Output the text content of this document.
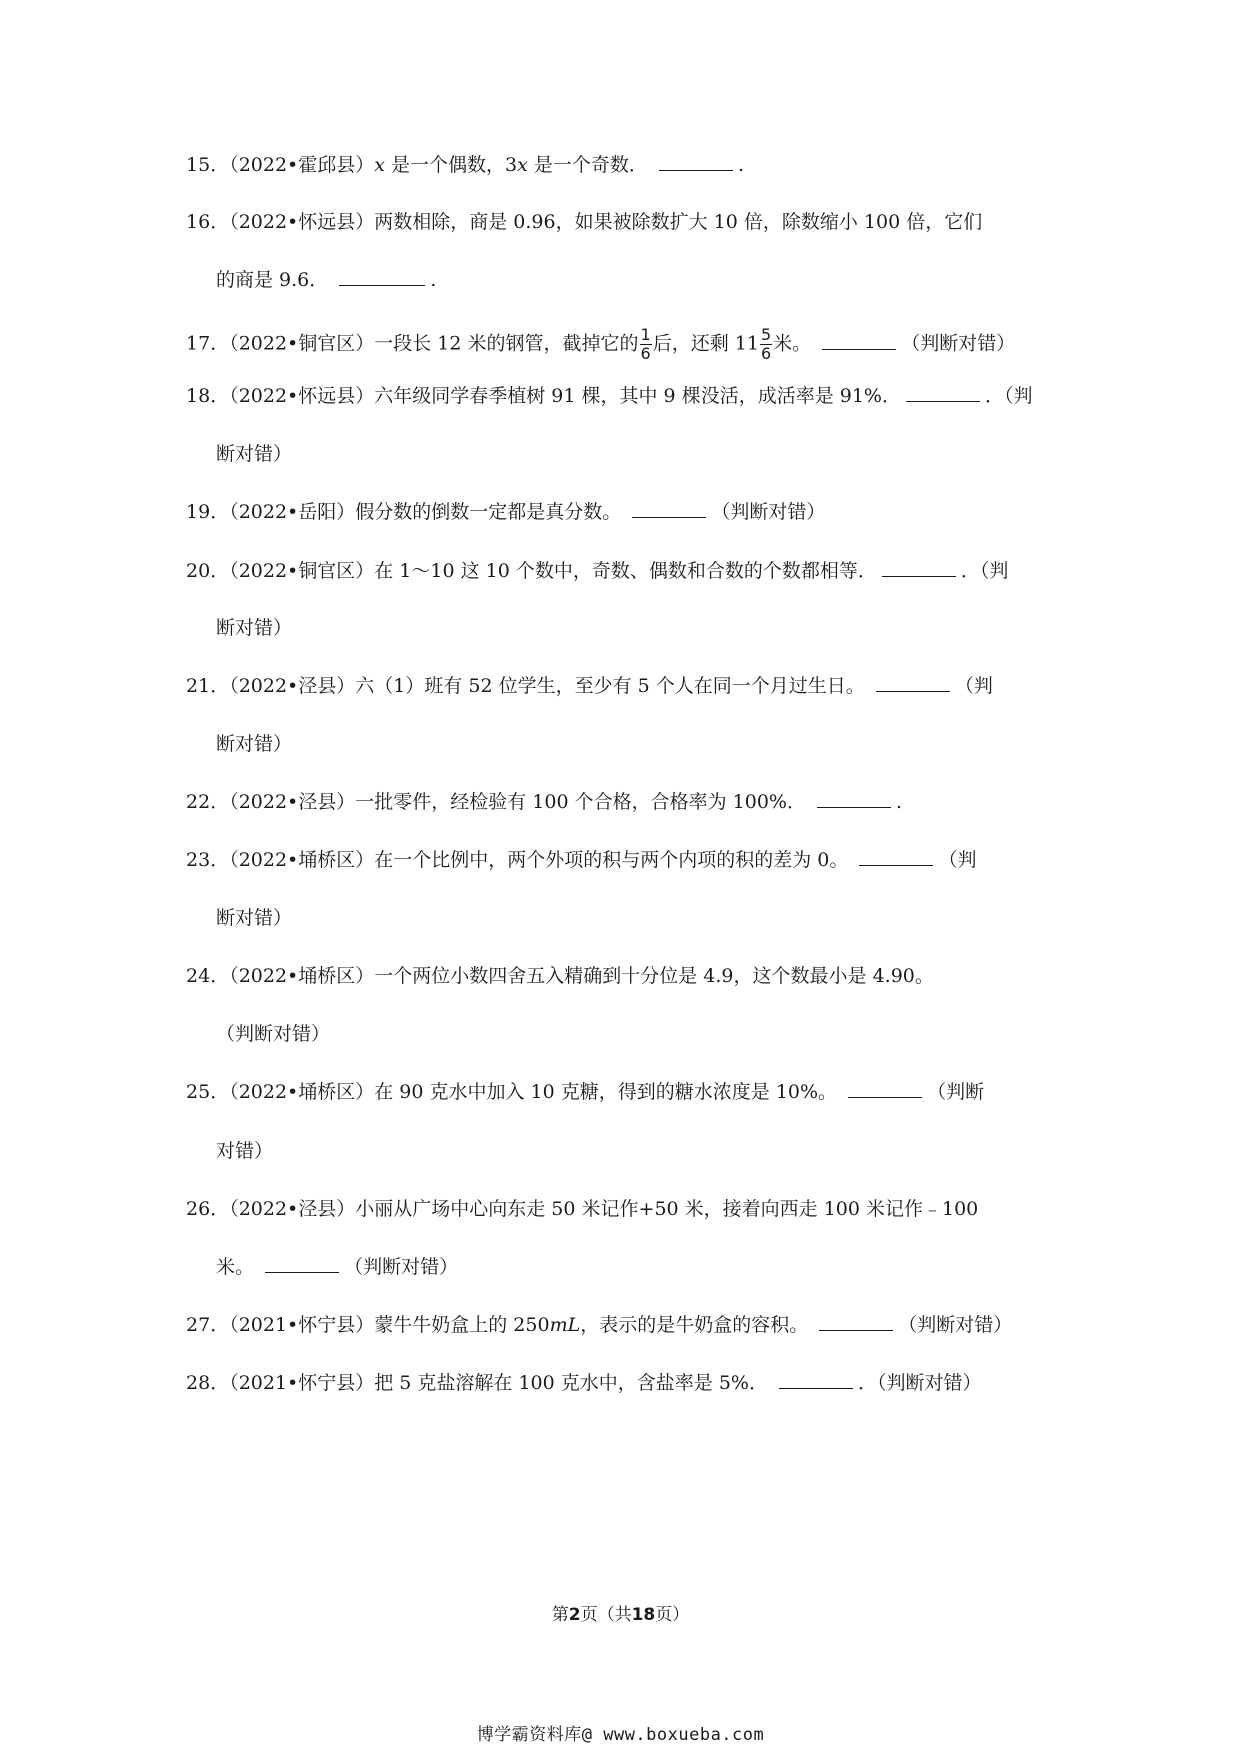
15．（2022•霍邱县）x 是一个偶数，3x 是一个奇数．	.
16．（2022•怀远县）两数相除，商是 0.96，如果被除数扩大 10 倍，除数缩小 100 倍，它们
的商是 9.6．	.
17．（2022•铜官区）一段长 12 米的钢管，截掉它的 $\frac{1}{6}$ 后，还剩 $11 \frac{5}{6}$ 米。	（判断对错）
18．（2022•怀远县）六年级同学春季植树 91 棵，其中 9 棵没活，成活率是 91%．	．（判
断对错）
19．（2022•岳阳）假分数的倒数一定都是真分数。	（判断对错）
20．（2022•铜官区）在 1～10 这 10 个数中，奇数、偶数和合数的个数都相等．	．（判
断对错）
21．（2022•泾县）六（1）班有 52 位学生，至少有 5 个人在同一个月过生日。	（判
断对错）
22．（2022•泾县）一批零件，经检验有 100 个合格，合格率为 100%．	.
23．（2022•埇桥区）在一个比例中，两个外项的积与两个内项的积的差为 0。	（判
断对错）
24．（2022•埇桥区）一个两位小数四舍五入精确到十分位是 4.9，这个数最小是 4.90。
（判断对错）
25．（2022•埇桥区）在 90 克水中加入 10 克糖，得到的糖水浓度是 10%。	（判断
对错）
26．（2022•泾县）小丽从广场中心向东走 50 米记作+50 米，接着向西走 100 米记作﹣100
米。	（判断对错）
27．（2021•怀宁县）蒙牛牛奶盒上的 250mL，表示的是牛奶盒的容积。	（判断对错）
28．（2021•怀宁县）把 5 克盐溶解在 100 克水中，含盐率是 5%．	．（判断对错）
第2页（共18页）
博学霸资料库@ www.boxueba.com
